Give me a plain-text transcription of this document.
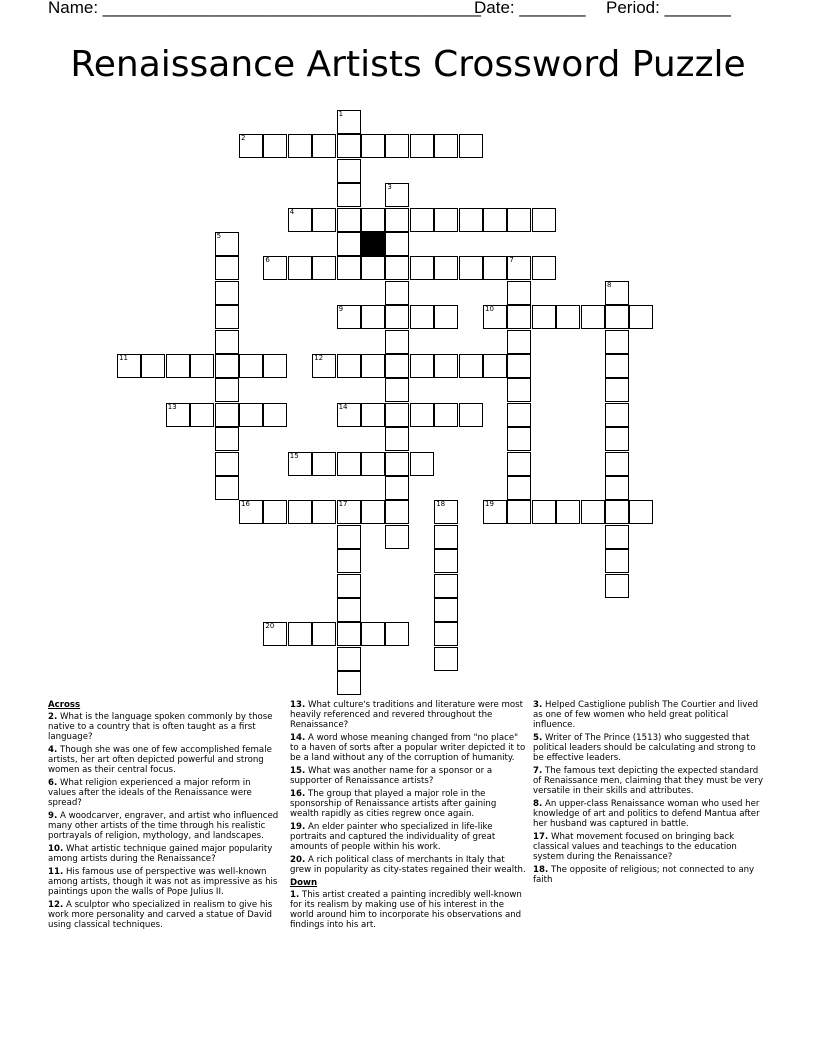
Name: ________________________________________
Date: _______ Period: _______
Renaissance Artists Crossword Puzzle
1
2
3
4
5
6	7
8
9	10
11	12
13	14
15
16	17	18	19
20
Across
2. What is the language spoken commonly by those native to a country that is often taught as a first language?
4. Though she was one of few accomplished female artists, her art often depicted powerful and strong women as their central focus.
6. What religion experienced a major reform in values after the ideals of the Renaissance were spread?
9. A woodcarver, engraver, and artist who influenced many other artists of the time through his realistic portrayals of religion, mythology, and landscapes.
10. What artistic technique gained major popularity among artists during the Renaissance?
11. His famous use of perspective was well-known among artists, though it was not as impressive as his paintings upon the walls of Pope Julius II.
12. A sculptor who specialized in realism to give his work more personality and carved a statue of David using classical techniques.
13. What culture's traditions and literature were most heavily referenced and revered throughout the Renaissance?
14. A word whose meaning changed from "no place" to a haven of sorts after a popular writer depicted it to be a land without any of the corruption of humanity.
15. What was another name for a sponsor or a supporter of Renaissance artists?
16. The group that played a major role in the sponsorship of Renaissance artists after gaining wealth rapidly as cities regrew once again.
19. An elder painter who specialized in life-like portraits and captured the individuality of great amounts of people within his work.
20. A rich political class of merchants in Italy that grew in popularity as city-states regained their wealth.
Down
1. This artist created a painting incredibly well-known for its realism by making use of his interest in the world around him to incorporate his observations and findings into his art.
3. Helped Castiglione publish The Courtier and lived as one of few women who held great political influence.
5. Writer of The Prince (1513) who suggested that political leaders should be calculating and strong to be effective leaders.
7. The famous text depicting the expected standard of Renaissance men, claiming that they must be very versatile in their skills and attributes.
8. An upper-class Renaissance woman who used her knowledge of art and politics to defend Mantua after her husband was captured in battle.
17. What movement focused on bringing back classical values and teachings to the education system during the Renaissance?
18. The opposite of religious; not connected to any faith
